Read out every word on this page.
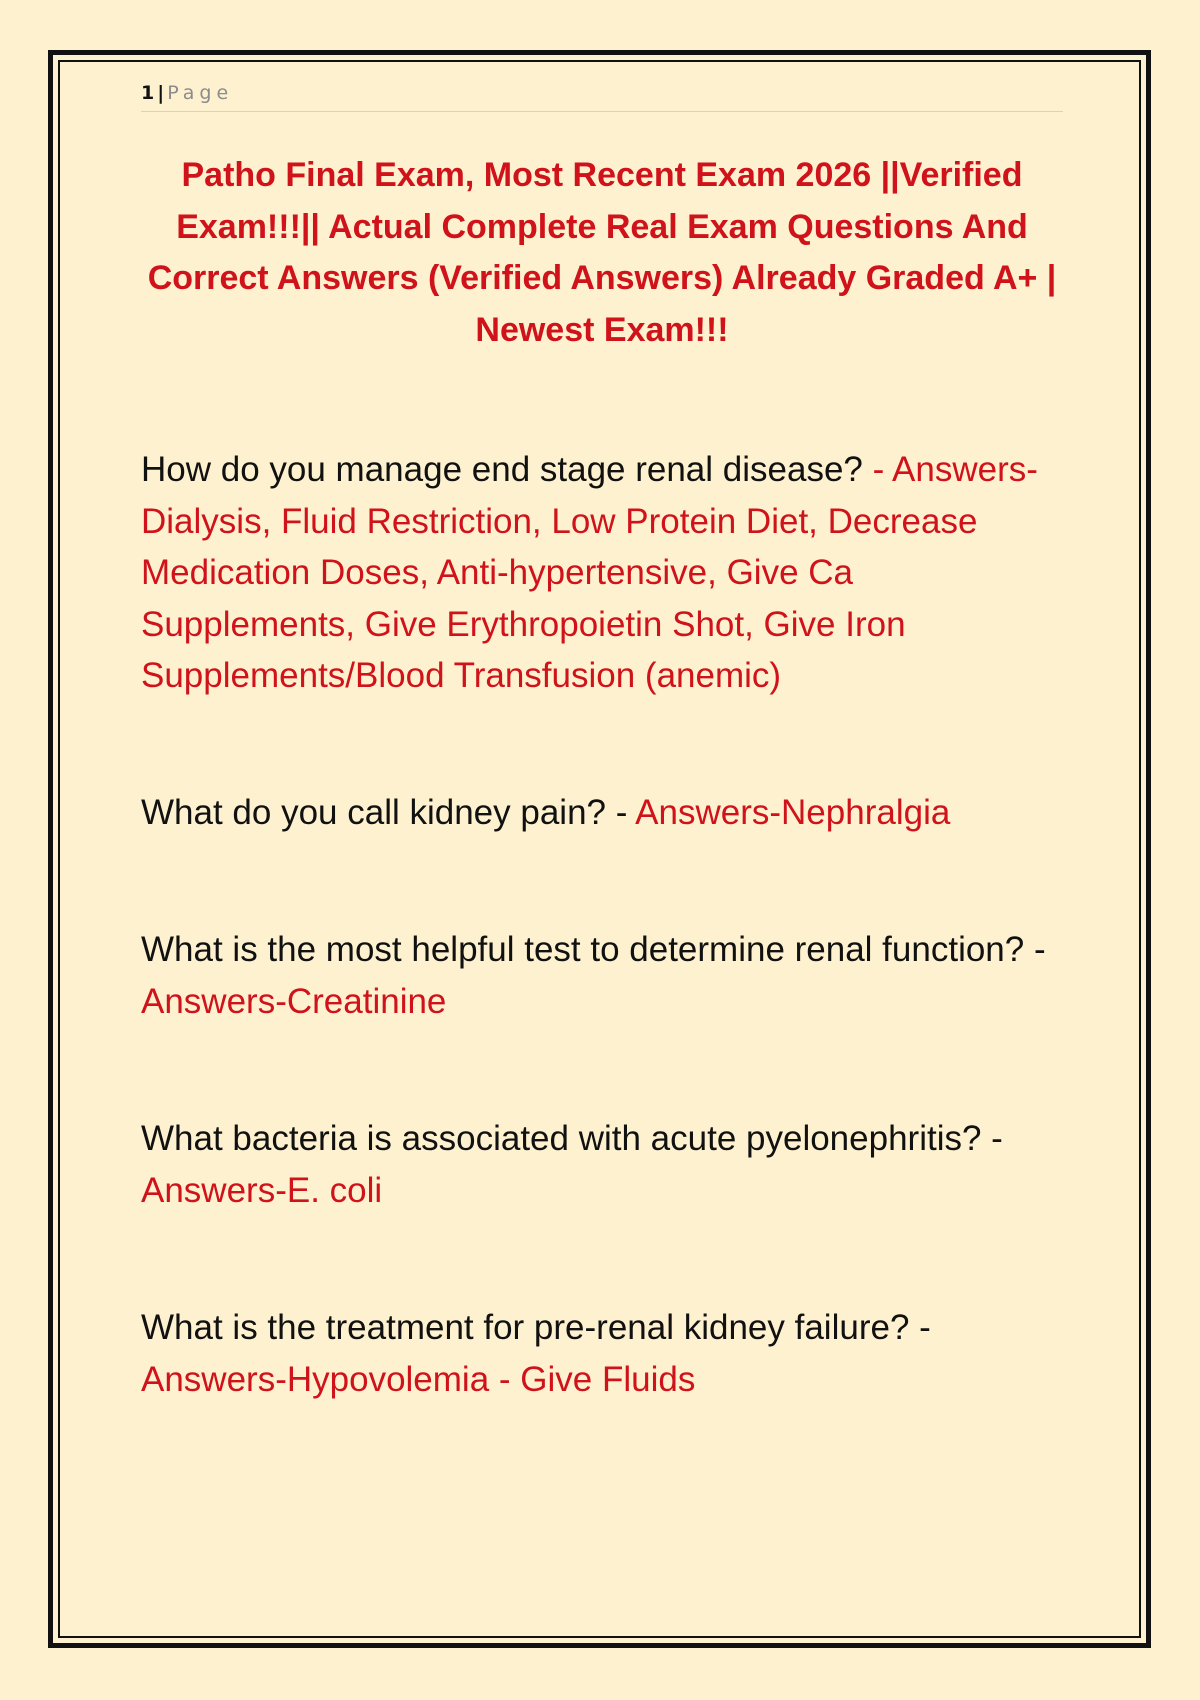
1 | Page
Patho Final Exam, Most Recent Exam 2026 ||Verified Exam!!!|| Actual Complete Real Exam Questions And Correct Answers (Verified Answers) Already Graded A+ | Newest Exam!!!

How do you manage end stage renal disease? - Answers-Dialysis, Fluid Restriction, Low Protein Diet, Decrease Medication Doses, Anti-hypertensive, Give Ca Supplements, Give Erythropoietin Shot, Give Iron Supplements/Blood Transfusion (anemic)

What do you call kidney pain? - Answers-Nephralgia

What is the most helpful test to determine renal function? - Answers-Creatinine

What bacteria is associated with acute pyelonephritis? - Answers-E. coli

What is the treatment for pre-renal kidney failure? - Answers-Hypovolemia - Give Fluids
